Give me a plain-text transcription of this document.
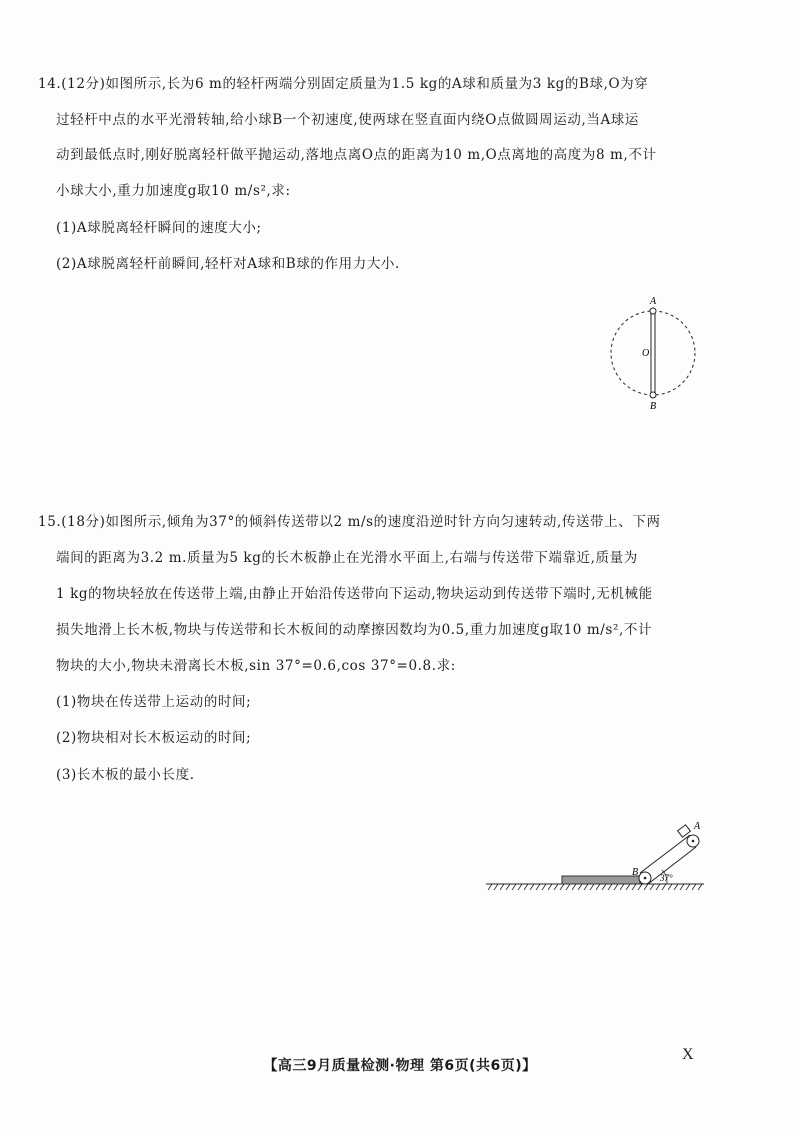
14.(12分)如图所示,长为6 m的轻杆两端分别固定质量为1.5 kg的A球和质量为3 kg的B球,O为穿
过轻杆中点的水平光滑转轴,给小球B一个初速度,使两球在竖直面内绕O点做圆周运动,当A球运
动到最低点时,刚好脱离轻杆做平抛运动,落地点离O点的距离为10 m,O点离地的高度为8 m,不计
小球大小,重力加速度g取10 m/s²,求:
(1)A球脱离轻杆瞬间的速度大小;
(2)A球脱离轻杆前瞬间,轻杆对A球和B球的作用力大小.
A
O
B
15.(18分)如图所示,倾角为37°的倾斜传送带以2 m/s的速度沿逆时针方向匀速转动,传送带上、下两
端间的距离为3.2 m.质量为5 kg的长木板静止在光滑水平面上,右端与传送带下端靠近,质量为
1 kg的物块轻放在传送带上端,由静止开始沿传送带向下运动,物块运动到传送带下端时,无机械能
损失地滑上长木板,物块与传送带和长木板间的动摩擦因数均为0.5,重力加速度g取10 m/s²,不计
物块的大小,物块未滑离长木板,sin 37°=0.6,cos 37°=0.8.求:
(1)物块在传送带上运动的时间;
(2)物块相对长木板运动的时间;
(3)长木板的最小长度.
37°
A
B
【高三9月质量检测·物理 第6页(共6页)】
X
